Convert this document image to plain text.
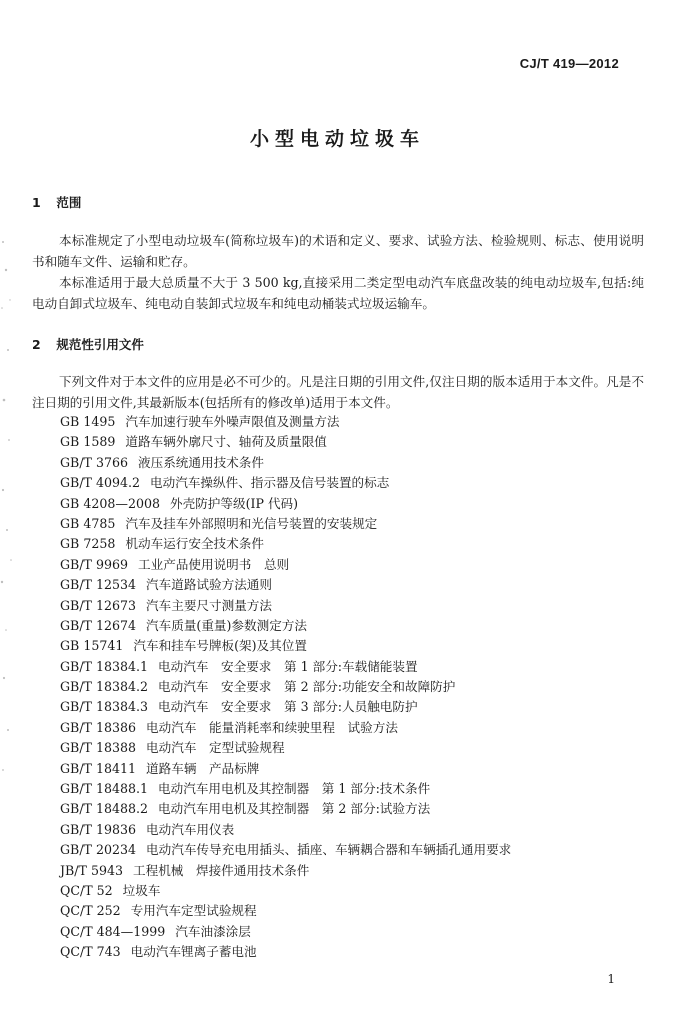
CJ/T 419—2012
小型电动垃圾车
1 范围
本标准规定了小型电动垃圾车(简称垃圾车)的术语和定义、要求、试验方法、检验规则、标志、使用说明书和随车文件、运输和贮存。
本标准适用于最大总质量不大于 3 500 kg,直接采用二类定型电动汽车底盘改装的纯电动垃圾车,包括:纯电动自卸式垃圾车、纯电动自装卸式垃圾车和纯电动桶装式垃圾运输车。
2 规范性引用文件
下列文件对于本文件的应用是必不可少的。凡是注日期的引用文件,仅注日期的版本适用于本文件。凡是不注日期的引用文件,其最新版本(包括所有的修改单)适用于本文件。
GB 1495 汽车加速行驶车外噪声限值及测量方法
GB 1589 道路车辆外廓尺寸、轴荷及质量限值
GB/T 3766 液压系统通用技术条件
GB/T 4094.2 电动汽车操纵件、指示器及信号装置的标志
GB 4208—2008 外壳防护等级(IP 代码)
GB 4785 汽车及挂车外部照明和光信号装置的安装规定
GB 7258 机动车运行安全技术条件
GB/T 9969 工业产品使用说明书　总则
GB/T 12534 汽车道路试验方法通则
GB/T 12673 汽车主要尺寸测量方法
GB/T 12674 汽车质量(重量)参数测定方法
GB 15741 汽车和挂车号牌板(架)及其位置
GB/T 18384.1 电动汽车　安全要求　第 1 部分:车载储能装置
GB/T 18384.2 电动汽车　安全要求　第 2 部分:功能安全和故障防护
GB/T 18384.3 电动汽车　安全要求　第 3 部分:人员触电防护
GB/T 18386 电动汽车　能量消耗率和续驶里程　试验方法
GB/T 18388 电动汽车　定型试验规程
GB/T 18411 道路车辆　产品标牌
GB/T 18488.1 电动汽车用电机及其控制器　第 1 部分:技术条件
GB/T 18488.2 电动汽车用电机及其控制器　第 2 部分:试验方法
GB/T 19836 电动汽车用仪表
GB/T 20234 电动汽车传导充电用插头、插座、车辆耦合器和车辆插孔通用要求
JB/T 5943 工程机械　焊接件通用技术条件
QC/T 52 垃圾车
QC/T 252 专用汽车定型试验规程
QC/T 484—1999 汽车油漆涂层
QC/T 743 电动汽车锂离子蓄电池
1
